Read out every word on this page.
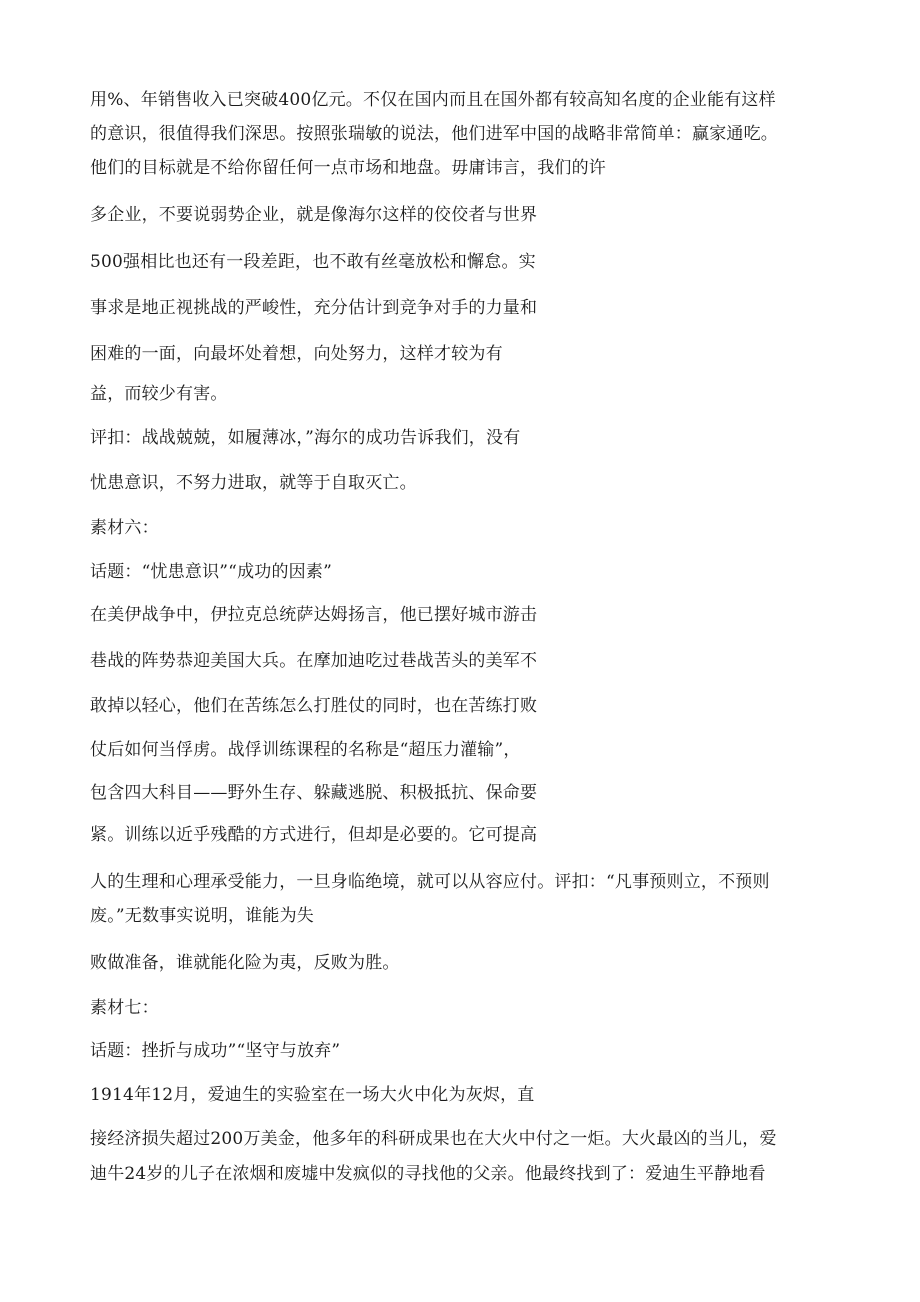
用%、年销售收入已突破400亿元。不仅在国内而且在国外都有较高知名度的企业能有这样

的意识，很值得我们深思。按照张瑞敏的说法，他们进军中国的战略非常简单：赢家通吃。

他们的目标就是不给你留任何一点市场和地盘。毋庸讳言，我们的许

多企业，不要说弱势企业，就是像海尔这样的佼佼者与世界

500强相比也还有一段差距，也不敢有丝毫放松和懈怠。实

事求是地正视挑战的严峻性，充分估计到竞争对手的力量和

困难的一面，向最坏处着想，向处努力，这样才较为有

益，而较少有害。

评扣：战战兢兢，如履薄冰，”海尔的成功告诉我们，没有

忧患意识，不努力进取，就等于自取灭亡。

素材六：

话题：“忧患意识”“成功的因素”

在美伊战争中，伊拉克总统萨达姆扬言，他已摆好城市游击

巷战的阵势恭迎美国大兵。在摩加迪吃过巷战苦头的美军不

敢掉以轻心，他们在苦练怎么打胜仗的同时，也在苦练打败

仗后如何当俘虏。战俘训练课程的名称是“超压力灌输”，

包含四大科目——野外生存、躲藏逃脱、积极抵抗、保命要

紧。训练以近乎残酷的方式进行，但却是必要的。它可提高

人的生理和心理承受能力，一旦身临绝境，就可以从容应付。评扣：“凡事预则立，不预则

废。”无数事实说明，谁能为失

败做准备，谁就能化险为夷，反败为胜。

素材七：

话题：挫折与成功”“坚守与放弃”

1914年12月，爱迪生的实验室在一场大火中化为灰烬，直

接经济损失超过200万美金，他多年的科研成果也在大火中付之一炬。大火最凶的当儿，爱

迪牛24岁的儿子在浓烟和废墟中发疯似的寻找他的父亲。他最终找到了：爱迪生平静地看
